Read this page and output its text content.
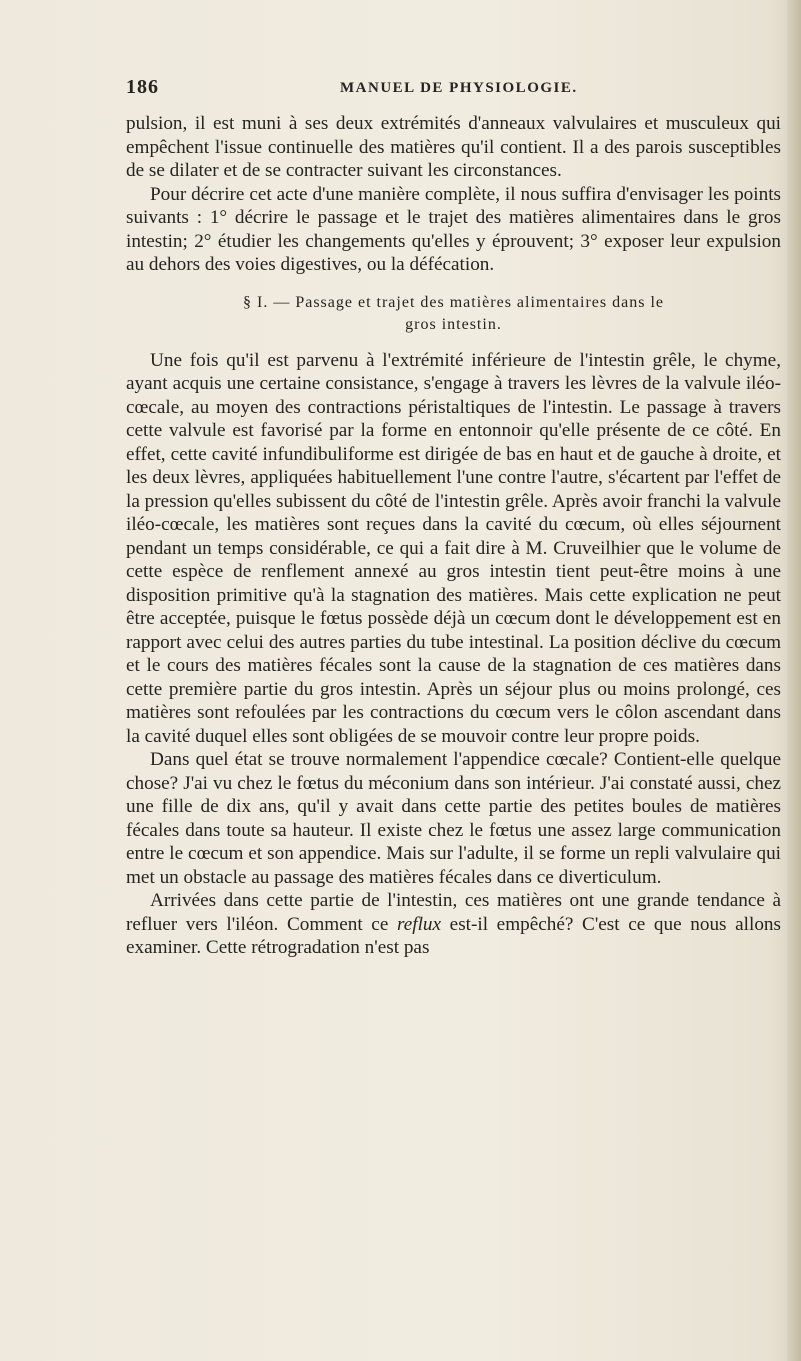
186	MANUEL DE PHYSIOLOGIE.

pulsion, il est muni à ses deux extrémités d'anneaux valvulaires et musculeux qui empêchent l'issue continuelle des matières qu'il contient. Il a des parois susceptibles de se dilater et de se contracter suivant les circonstances.

Pour décrire cet acte d'une manière complète, il nous suffira d'envisager les points suivants : 1° décrire le passage et le trajet des matières alimentaires dans le gros intestin; 2° étudier les changements qu'elles y éprouvent; 3° exposer leur expulsion au dehors des voies digestives, ou la défécation.

§ I. — Passage et trajet des matières alimentaires dans le
gros intestin.

Une fois qu'il est parvenu à l'extrémité inférieure de l'intestin grêle, le chyme, ayant acquis une certaine consistance, s'engage à travers les lèvres de la valvule iléo-cœcale, au moyen des contractions péristaltiques de l'intestin. Le passage à travers cette valvule est favorisé par la forme en entonnoir qu'elle présente de ce côté. En effet, cette cavité infundibuliforme est dirigée de bas en haut et de gauche à droite, et les deux lèvres, appliquées habituellement l'une contre l'autre, s'écartent par l'effet de la pression qu'elles subissent du côté de l'intestin grêle. Après avoir franchi la valvule iléo-cœcale, les matières sont reçues dans la cavité du cœcum, où elles séjournent pendant un temps considérable, ce qui a fait dire à M. Cruveilhier que le volume de cette espèce de renflement annexé au gros intestin tient peut-être moins à une disposition primitive qu'à la stagnation des matières. Mais cette explication ne peut être acceptée, puisque le fœtus possède déjà un cœcum dont le développement est en rapport avec celui des autres parties du tube intestinal. La position déclive du cœcum et le cours des matières fécales sont la cause de la stagnation de ces matières dans cette première partie du gros intestin. Après un séjour plus ou moins prolongé, ces matières sont refoulées par les contractions du cœcum vers le côlon ascendant dans la cavité duquel elles sont obligées de se mouvoir contre leur propre poids.

Dans quel état se trouve normalement l'appendice cœcale? Contient-elle quelque chose? J'ai vu chez le fœtus du méconium dans son intérieur. J'ai constaté aussi, chez une fille de dix ans, qu'il y avait dans cette partie des petites boules de matières fécales dans toute sa hauteur. Il existe chez le fœtus une assez large communication entre le cœcum et son appendice. Mais sur l'adulte, il se forme un repli valvulaire qui met un obstacle au passage des matières fécales dans ce diverticulum.

Arrivées dans cette partie de l'intestin, ces matières ont une grande tendance à refluer vers l'iléon. Comment ce reflux est-il empêché? C'est ce que nous allons examiner. Cette rétrogradation n'est pas
